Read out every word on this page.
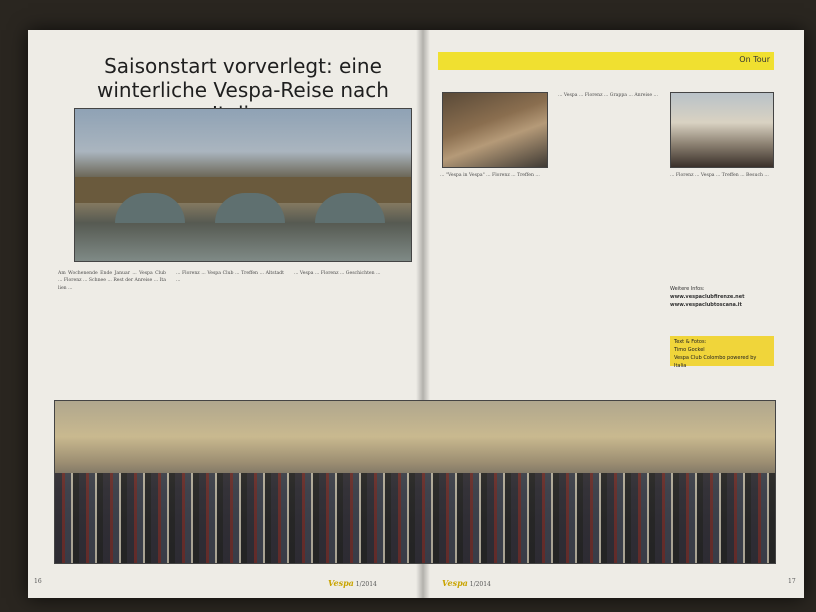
Saisonstart vorverlegt: eine
winterliche Vespa-Reise nach
Am Wochenende Ende Januar ... Vespa Club ... Florenz ... Schnee ... Rest der Anreise ... Italien ...
... Florenz ... Vespa Club ... Treffen ... Altstadt ...
... Vespa ... Florenz ... Geschichten ...
On Tour
... "Vespa in Vespa" ... Florenz ... Treffen ...
... Vespa ... Florenz ... Grappa ... Anreise ...
... Florenz ... Vespa ... Treffen ... Besuch ...
Weitere Infos:
www.vespaclubfirenze.net
www.vespaclubtoscana.it
Text & Fotos:
Timo Gockel
Vespa Club Colombo powered by Italia
16	Vespa 1/2014	Vespa 1/2014	17
